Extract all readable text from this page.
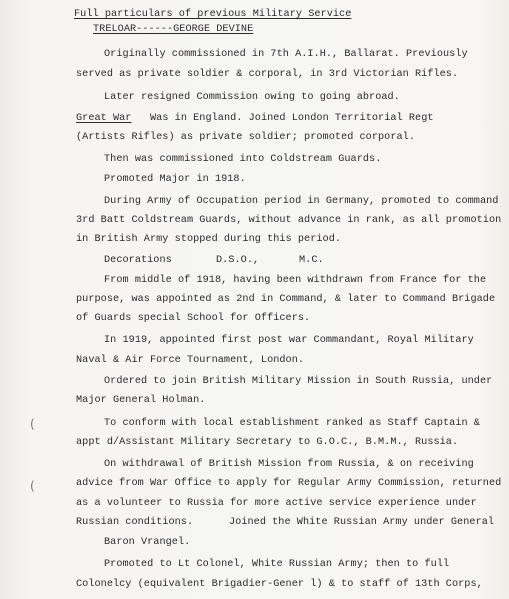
Full particulars of previous Military Service
TRELOAR------GEORGE DEVINE
Originally commissioned in 7th A.I.H., Ballarat. Previously
served as private soldier & corporal, in 3rd Victorian Rifles.
Later resigned Commission owing to going abroad.
Great War Was in England. Joined London Territorial Regt
(Artists Rifles) as private soldier; promoted corporal.
Then was commissioned into Coldstream Guards.
Promoted Major in 1918.
During Army of Occupation period in Germany, promoted to command
3rd Batt Coldstream Guards, without advance in rank, as all promotion
in British Army stopped during this period.
Decorations	D.S.O.,	M.C.
From middle of 1918, having been withdrawn from France for the
purpose, was appointed as 2nd in Command, & later to Command Brigade
of Guards special School for Officers.
In 1919, appointed first post war Commandant, Royal Military
Naval & Air Force Tournament, London.
Ordered to join British Military Mission in South Russia, under
Major General Holman.
To conform with local establishment ranked as Staff Captain &
appt d/Assistant Military Secretary to G.O.C., B.M.M., Russia.
On withdrawal of British Mission from Russia, & on receiving
advice from War Office to apply for Regular Army Commission, returned
as a volunteer to Russia for more active service experience under
Russian conditions.	Joined the White Russian Army under General
Baron Vrangel.
Promoted to Lt Colonel, White Russian Army; then to full
Colonelcy (equivalent Brigadier-Gener l) & to staff of 13th Corps,
(
(
